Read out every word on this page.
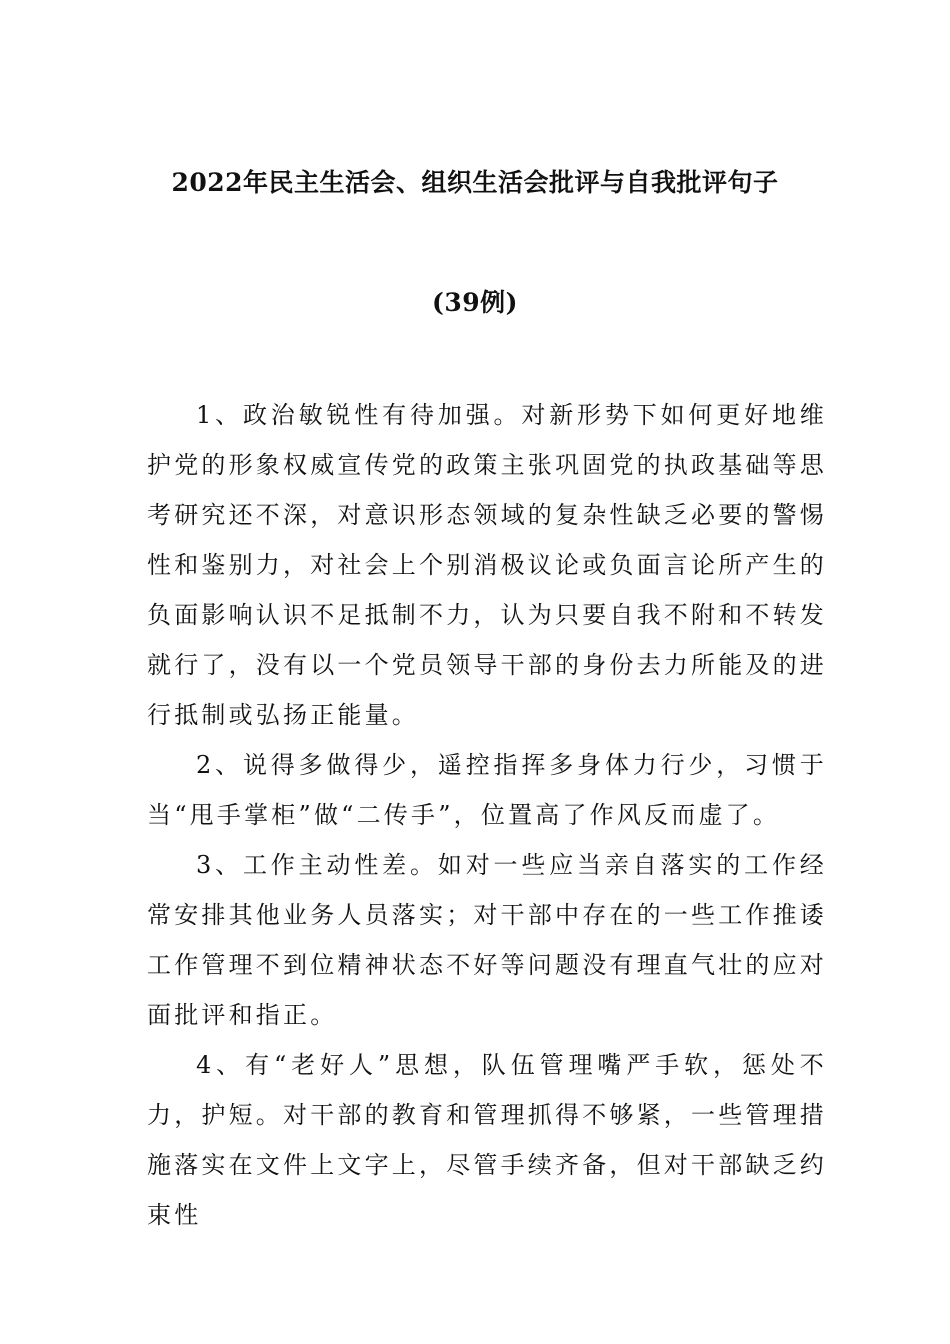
2022年民主生活会、组织生活会批评与自我批评句子
(39例)

1、政治敏锐性有待加强。对新形势下如何更好地维护党的形象权威宣传党的政策主张巩固党的执政基础等思考研究还不深，对意识形态领域的复杂性缺乏必要的警惕性和鉴别力，对社会上个别消极议论或负面言论所产生的负面影响认识不足抵制不力，认为只要自我不附和不转发就行了，没有以一个党员领导干部的身份去力所能及的进行抵制或弘扬正能量。

2、说得多做得少，遥控指挥多身体力行少，习惯于当“甩手掌柜”做“二传手”，位置高了作风反而虚了。

3、工作主动性差。如对一些应当亲自落实的工作经常安排其他业务人员落实；对干部中存在的一些工作推诿工作管理不到位精神状态不好等问题没有理直气壮的应对面批评和指正。

4、有“老好人”思想，队伍管理嘴严手软，惩处不力，护短。对干部的教育和管理抓得不够紧，一些管理措施落实在文件上文字上，尽管手续齐备，但对干部缺乏约束性
